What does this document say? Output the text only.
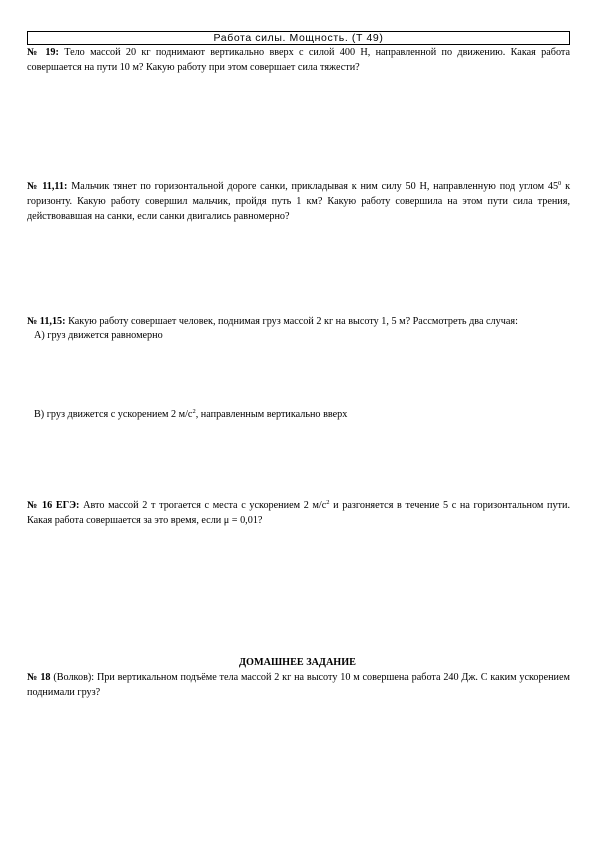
Работа силы. Мощность. (Т 49)

№ 19: Тело массой 20 кг поднимают вертикально вверх с силой 400 Н, направленной по движению. Какая работа совершается на пути 10 м? Какую работу при этом совершает сила тяжести?

№ 11,11: Мальчик тянет по горизонтальной дороге санки, прикладывая к ним силу 50 Н, направленную под углом $45^0$ к горизонту. Какую работу совершил мальчик, пройдя путь 1 км? Какую работу совершила на этом пути сила трения, действовавшая на санки, если санки двигались равномерно?

№ 11,15: Какую работу совершает человек, поднимая груз массой 2 кг на высоту 1, 5 м? Рассмотреть два случая:

А) груз движется равномерно

B) груз движется с ускорением 2 $м/с^2$, направленным вертикально вверх

№ 16 ЕГЭ: Авто массой 2 т трогается с места с ускорением 2 $м/с^2$ и разгоняется в течение 5 с на горизонтальном пути. Какая работа совершается за это время, если μ = 0,01?

ДОМАШНЕЕ ЗАДАНИЕ

№ 18 (Волков): При вертикальном подъёме тела массой 2 кг на высоту 10 м совершена работа 240 Дж. С каким ускорением поднимали груз?
